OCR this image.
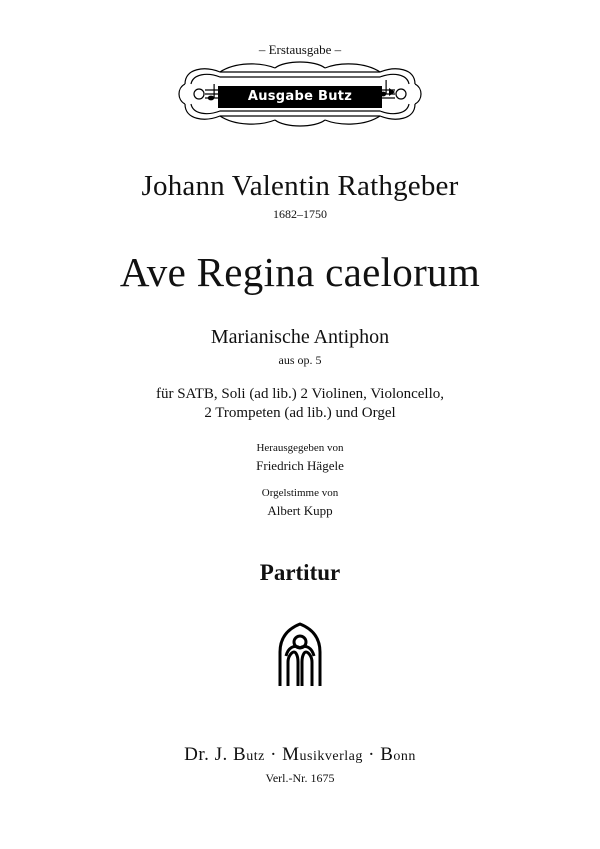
– Erstausgabe –
Ausgabe Butz
Johann Valentin Rathgeber
1682–1750
Ave Regina caelorum
Marianische Antiphon
aus op. 5
für SATB, Soli (ad lib.) 2 Violinen, Violoncello,
2 Trompeten (ad lib.) und Orgel
Herausgegeben von
Friedrich Hägele
Orgelstimme von
Albert Kupp
Partitur
Dr. J. Butz · Musikverlag · Bonn
Verl.-Nr. 1675
